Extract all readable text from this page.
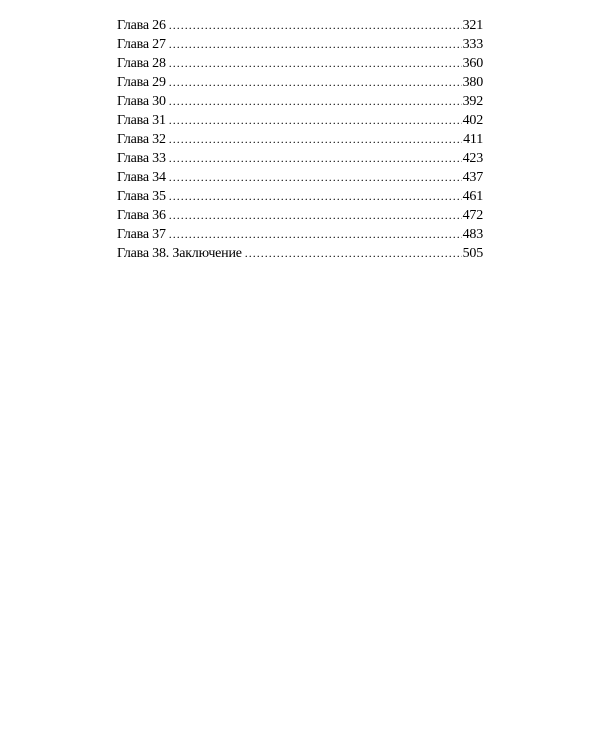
Глава 26 .....	321
Глава 27 .....	333
Глава 28 .....	360
Глава 29 .....	380
Глава 30 .....	392
Глава 31 .....	402
Глава 32 .....	411
Глава 33 .....	423
Глава 34 .....	437
Глава 35 .....	461
Глава 36 .....	472
Глава 37 .....	483
Глава 38. Заключение .....	505
